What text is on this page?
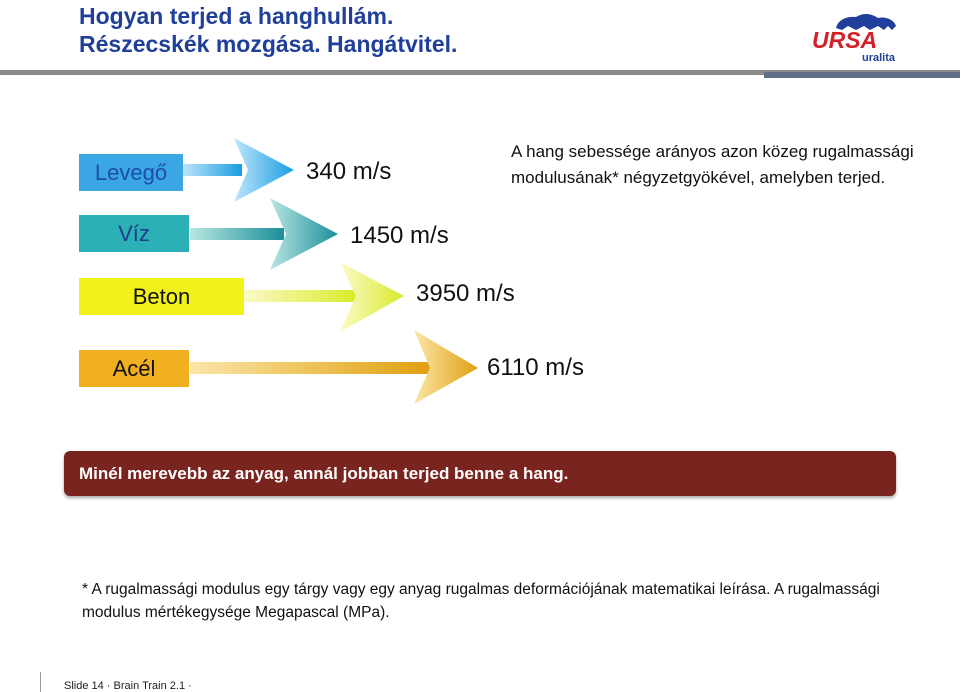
Hogyan terjed a hanghullám.
Részecskék mozgása. Hangátvitel.	URSA
uralita
Levegő
Víz
Beton
Acél
340 m/s
1450 m/s
3950 m/s
6110 m/s
A hang sebessége arányos azon közeg rugalmassági modulusának* négyzetgyökével, amelyben terjed.
Minél merevebb az anyag, annál jobban terjed benne a hang.
* A rugalmassági modulus egy tárgy vagy egy anyag rugalmas deformációjának matematikai leírása. A rugalmassági modulus mértékegysége Megapascal (MPa).
Slide 14 · Brain Train 2.1 ·
